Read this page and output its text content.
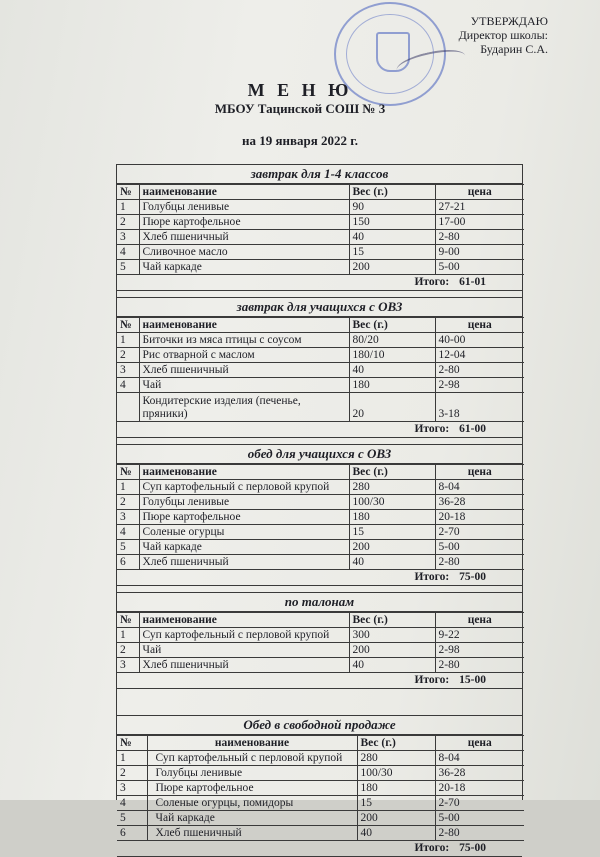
УТВЕРЖДАЮ
Директор школы:
Бударин С.А.
М Е Н Ю
МБОУ Тацинской СОШ № 3
на 19 января 2022 г.
завтрак для 1-4 классов
№	наименование	Вес (г.)	цена
1	Голубцы ленивые	90	27-21
2	Пюре картофельное	150	17-00
3	Хлеб пшеничный	40	2-80
4	Сливочное масло	15	9-00
5	Чай каркаде	200	5-00
Итого: 61-01
завтрак для учащихся с ОВЗ
№	наименование	Вес (г.)	цена
1	Биточки из мяса птицы с соусом	80/20	40-00
2	Рис отварной с маслом	180/10	12-04
3	Хлеб пшеничный	40	2-80
4	Чай	180	2-98
	Кондитерские изделия (печенье, пряники)	20	3-18
Итого: 61-00
обед для учащихся с ОВЗ
№	наименование	Вес (г.)	цена
1	Суп картофельный с перловой крупой	280	8-04
2	Голубцы ленивые	100/30	36-28
3	Пюре картофельное	180	20-18
4	Соленые огурцы	15	2-70
5	Чай каркаде	200	5-00
6	Хлеб пшеничный	40	2-80
Итого: 75-00
по талонам
№	наименование	Вес (г.)	цена
1	Суп картофельный с перловой крупой	300	9-22
2	Чай	200	2-98
3	Хлеб пшеничный	40	2-80
Итого: 15-00
Обед в свободной продаже
№	наименование	Вес (г.)	цена
1	Суп картофельный с перловой крупой	280	8-04
2	Голубцы ленивые	100/30	36-28
3	Пюре картофельное	180	20-18
4	Соленые огурцы, помидоры	15	2-70
5	Чай каркаде	200	5-00
6	Хлеб пшеничный	40	2-80
Итого: 75-00
